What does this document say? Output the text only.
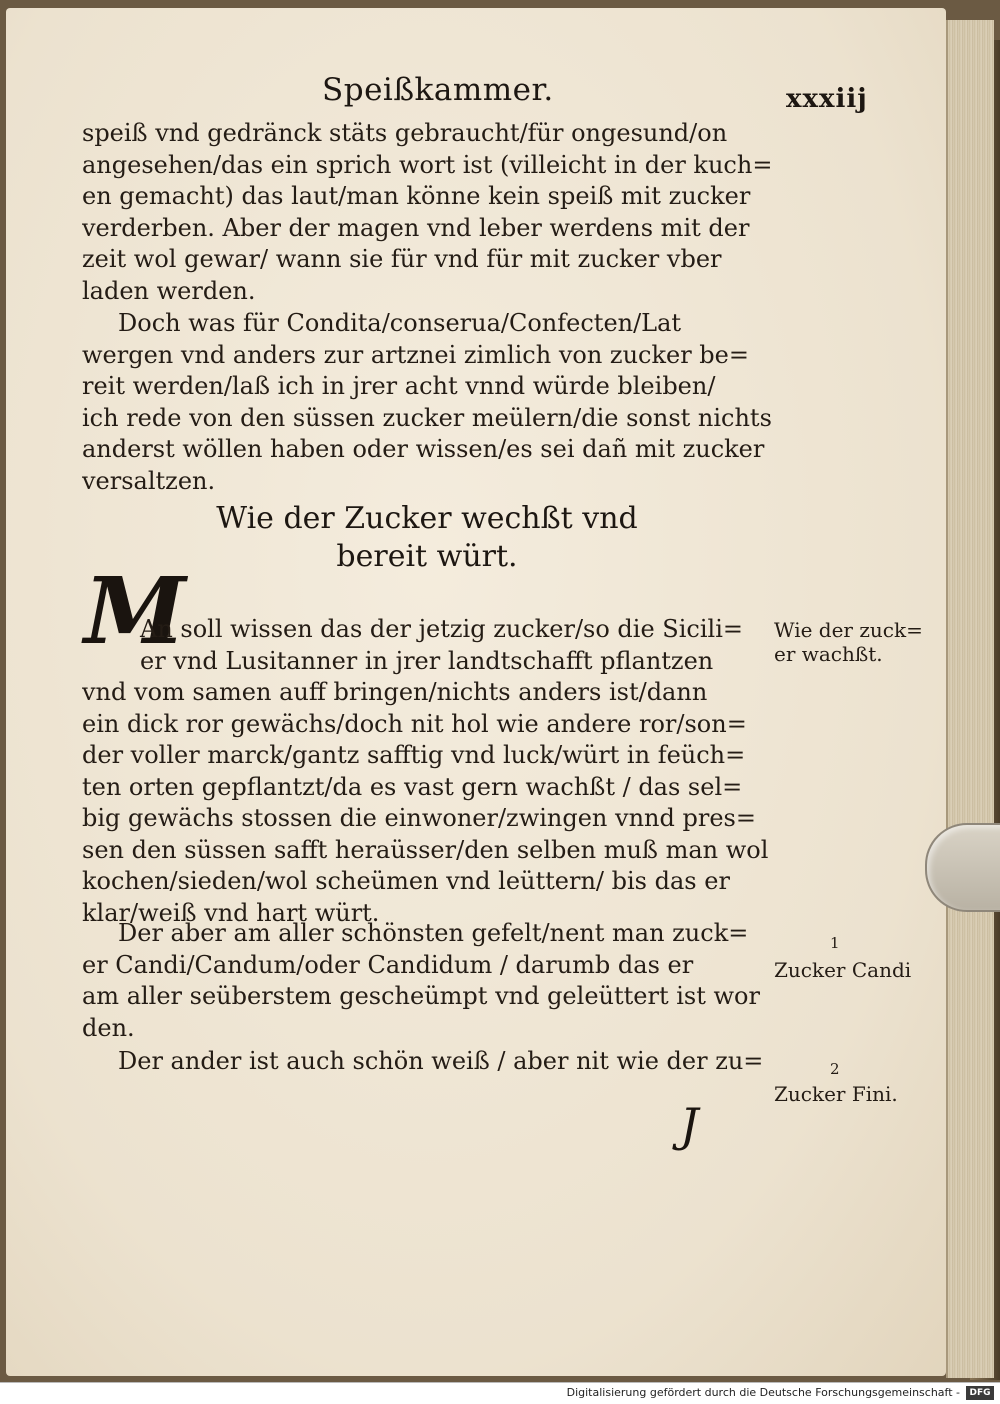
Speißkammer.	xxxiij
speiß vnd gedränck stäts gebraucht/für ongesund/on
angesehen/das ein sprich wort ist (villeicht in der kuch=
en gemacht) das laut/man könne kein speiß mit zucker
verderben. Aber der magen vnd leber werdens mit der
zeit wol gewar/ wann sie für vnd für mit zucker vber
laden werden.
Doch was für Condita/conserua/Confecten/Lat
wergen vnd anders zur artznei zimlich von zucker be=
reit werden/laß ich in jrer acht vnnd würde bleiben/
ich rede von den süssen zucker meülern/die sonst nichts
anderst wöllen haben oder wissen/es sei dañ mit zucker
versaltzen.
Wie der Zucker wechßt vnd
bereit würt.
M
An soll wissen das der jetzig zucker/so die Sicili=
er vnd Lusitanner in jrer landtschafft pflantzen
vnd vom samen auff bringen/nichts anders ist/dann
ein dick ror gewächs/doch nit hol wie andere ror/son=
der voller marck/gantz safftig vnd luck/würt in feüch=
ten orten gepflantzt/da es vast gern wachßt / das sel=
big gewächs stossen die einwoner/zwingen vnnd pres=
sen den süssen safft heraüsser/den selben muß man wol
kochen/sieden/wol scheümen vnd leüttern/ bis das er
klar/weiß vnd hart würt.
Der aber am aller schönsten gefelt/nent man zuck=
er Candi/Candum/oder Candidum / darumb das er
am aller seüberstem gescheümpt vnd geleüttert ist wor
den.
Der ander ist auch schön weiß / aber nit wie der zu=
J
Wie der zuck=
er wachßt.
1
Zucker Candi
2
Zucker Fini.
Digitalisierung gefördert durch die Deutsche Forschungsgemeinschaft -	DFG
